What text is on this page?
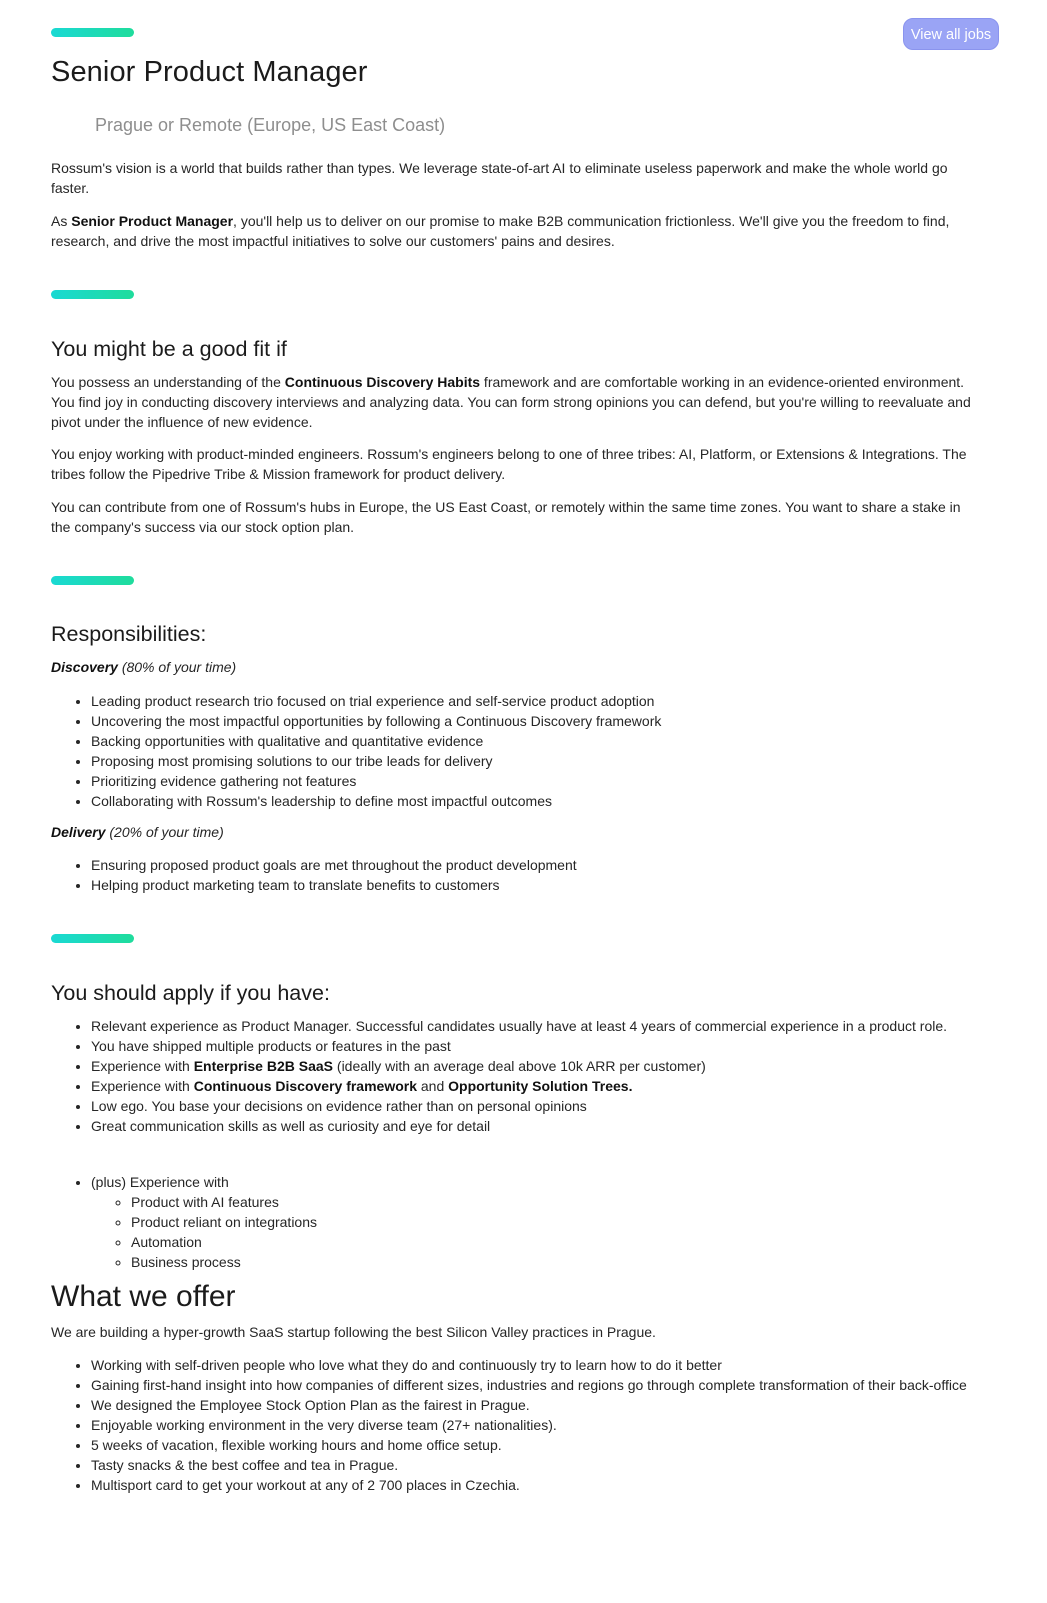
View all jobs
Senior Product Manager

Prague or Remote (Europe, US East Coast)

Rossum's vision is a world that builds rather than types. We leverage state-of-art AI to eliminate useless paperwork and make the whole world go faster.

As Senior Product Manager, you'll help us to deliver on our promise to make B2B communication frictionless. We'll give you the freedom to find, research, and drive the most impactful initiatives to solve our customers' pains and desires.

You might be a good fit if

You possess an understanding of the Continuous Discovery Habits framework and are comfortable working in an evidence-oriented environment. You find joy in conducting discovery interviews and analyzing data. You can form strong opinions you can defend, but you're willing to reevaluate and pivot under the influence of new evidence.

You enjoy working with product-minded engineers. Rossum's engineers belong to one of three tribes: AI, Platform, or Extensions & Integrations. The tribes follow the Pipedrive Tribe & Mission framework for product delivery.

You can contribute from one of Rossum's hubs in Europe, the US East Coast, or remotely within the same time zones. You want to share a stake in the company's success via our stock option plan.

Responsibilities:

Discovery (80% of your time)

• Leading product research trio focused on trial experience and self-service product adoption
• Uncovering the most impactful opportunities by following a Continuous Discovery framework
• Backing opportunities with qualitative and quantitative evidence
• Proposing most promising solutions to our tribe leads for delivery
• Prioritizing evidence gathering not features
• Collaborating with Rossum's leadership to define most impactful outcomes

Delivery (20% of your time)

• Ensuring proposed product goals are met throughout the product development
• Helping product marketing team to translate benefits to customers
You should apply if you have:
• Relevant experience as Product Manager. Successful candidates usually have at least 4 years of commercial experience in a product role.
• You have shipped multiple products or features in the past
• Experience with Enterprise B2B SaaS (ideally with an average deal above 10k ARR per customer)
• Experience with Continuous Discovery framework and Opportunity Solution Trees.
• Low ego. You base your decisions on evidence rather than on personal opinions
• Great communication skills as well as curiosity and eye for detail
• (plus) Experience with
◦ Product with AI features
◦ Product reliant on integrations
◦ Automation
◦ Business process
What we offer

We are building a hyper-growth SaaS startup following the best Silicon Valley practices in Prague.

• Working with self-driven people who love what they do and continuously try to learn how to do it better
• Gaining first-hand insight into how companies of different sizes, industries and regions go through complete transformation of their back-office
• We designed the Employee Stock Option Plan as the fairest in Prague.
• Enjoyable working environment in the very diverse team (27+ nationalities).
• 5 weeks of vacation, flexible working hours and home office setup.
• Tasty snacks & the best coffee and tea in Prague.
• Multisport card to get your workout at any of 2 700 places in Czechia.
